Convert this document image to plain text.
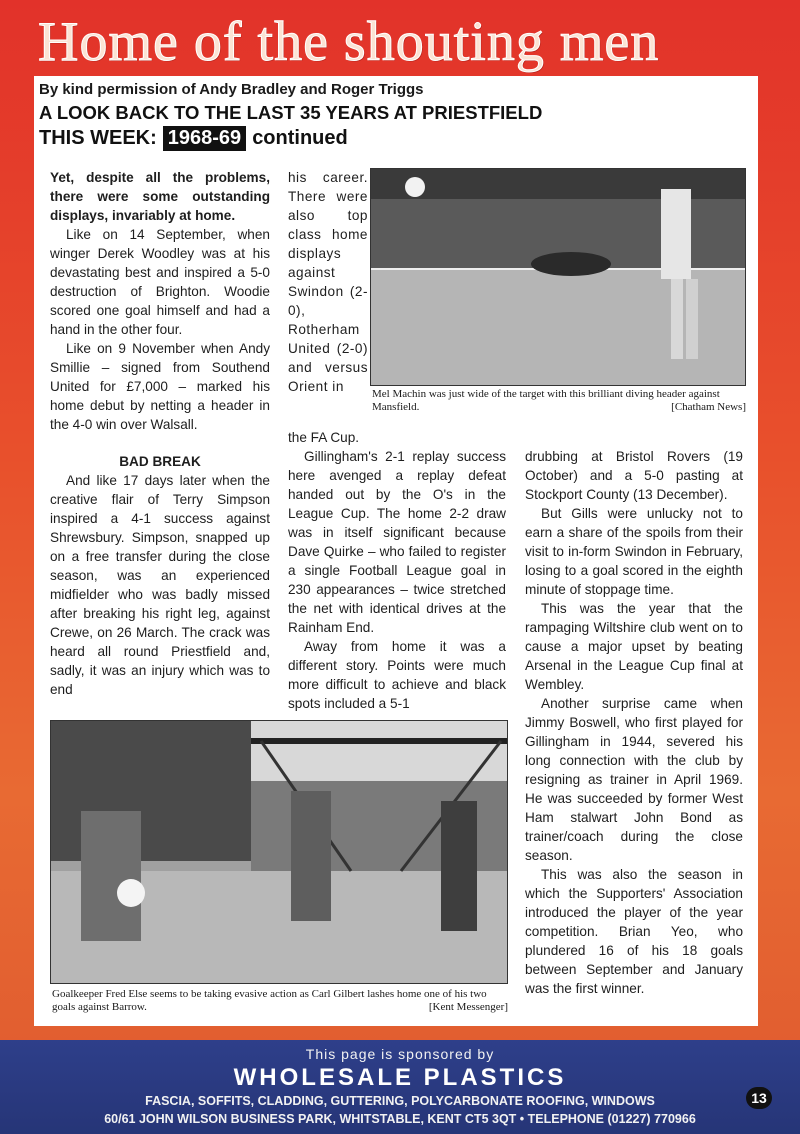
Home of the shouting men
By kind permission of Andy Bradley and Roger Triggs
A LOOK BACK TO THE LAST 35 YEARS AT PRIESTFIELD
THIS WEEK: 1968-69 continued

Yet, despite all the problems, there were some outstanding displays, invariably at home.

Like on 14 September, when winger Derek Woodley was at his devastating best and inspired a 5-0 destruction of Brighton. Woodie scored one goal himself and had a hand in the other four.

Like on 9 November when Andy Smillie – signed from Southend United for £7,000 – marked his home debut by netting a header in the 4-0 win over Walsall.

BAD BREAK

And like 17 days later when the creative flair of Terry Simpson inspired a 4-1 success against Shrewsbury. Simpson, snapped up on a free transfer during the close season, was an experienced midfielder who was badly missed after breaking his right leg, against Crewe, on 26 March. The crack was heard all round Priestfield and, sadly, it was an injury which was to end

his career. There were also top class home displays against Swindon (2-0), Rotherham United (2-0) and versus Orient in	Mel Machin was just wide of the target with this brilliant diving header against Mansfield.	[Chatham News]

the FA Cup.

Gillingham's 2-1 replay success here avenged a replay defeat handed out by the O's in the League Cup. The home 2-2 draw was in itself significant because Dave Quirke – who failed to register a single Football League goal in 230 appearances – twice stretched the net with identical drives at the Rainham End.

Away from home it was a different story. Points were much more difficult to achieve and black spots included a 5-1

drubbing at Bristol Rovers (19 October) and a 5-0 pasting at Stockport County (13 December).

But Gills were unlucky not to earn a share of the spoils from their visit to in-form Swindon in February, losing to a goal scored in the eighth minute of stoppage time.

This was the year that the rampaging Wiltshire club went on to cause a major upset by beating Arsenal in the League Cup final at Wembley.

Another surprise came when Jimmy Boswell, who first played for Gillingham in 1944, severed his long connection with the club by resigning as trainer in April 1969. He was succeeded by former West Ham stalwart John Bond as trainer/coach during the close season.

This was also the season in which the Supporters' Association introduced the player of the year competition. Brian Yeo, who plundered 16 of his 18 goals between September and January was the first winner.

Goalkeeper Fred Else seems to be taking evasive action as Carl Gilbert lashes home one of his two goals against Barrow.	[Kent Messenger]
This page is sponsored by
WHOLESALE PLASTICS
FASCIA, SOFFITS, CLADDING, GUTTERING, POLYCARBONATE ROOFING, WINDOWS
60/61 JOHN WILSON BUSINESS PARK, WHITSTABLE, KENT CT5 3QT • TELEPHONE (01227) 770966
13
